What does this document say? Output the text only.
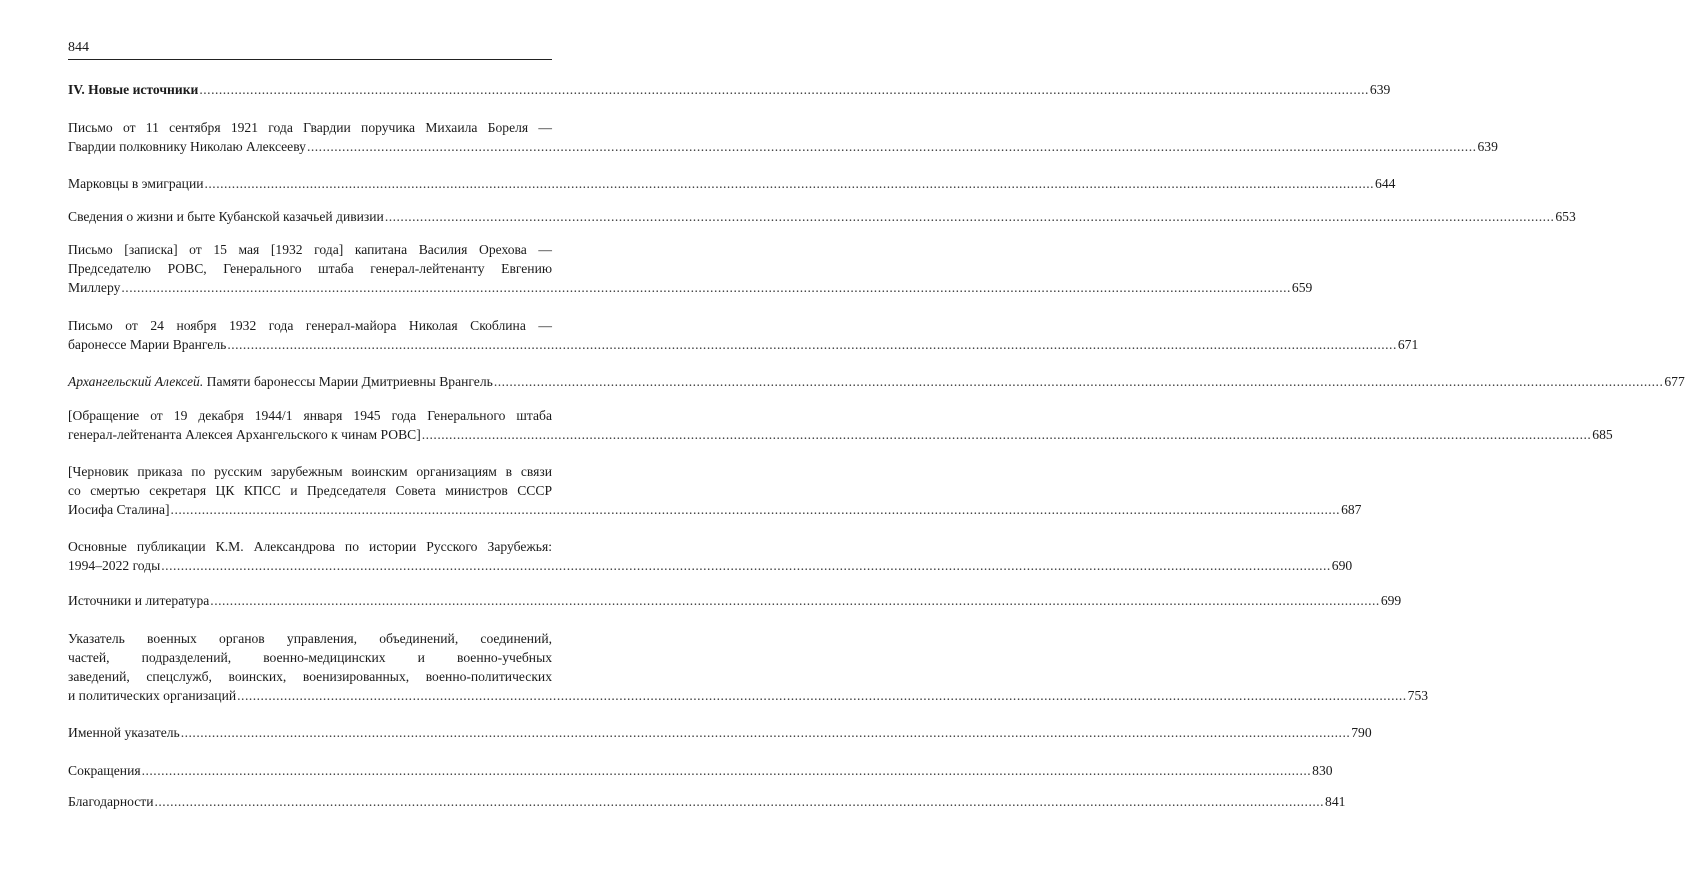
844
IV. Новые источники ............................................................................................................................................................................................................................................................................................................ 639
Письмо от 11 сентября 1921 года Гвардии поручика Михаила Бореля —
Гвардии полковнику Николаю Алексееву ............................................................................................................................................................................................................................................................................................................ 639
Марковцы в эмиграции ............................................................................................................................................................................................................................................................................................................ 644
Сведения о жизни и быте Кубанской казачьей дивизии ............................................................................................................................................................................................................................................................................................................ 653
Письмо [записка] от 15 мая [1932 года] капитана Василия Орехова —
Председателю РОВС, Генерального штаба генерал-лейтенанту Евгению
Миллеру ............................................................................................................................................................................................................................................................................................................ 659
Письмо от 24 ноября 1932 года генерал-майора Николая Скоблина —
баронессе Марии Врангель ............................................................................................................................................................................................................................................................................................................ 671
Архангельский Алексей. Памяти баронессы Марии Дмитриевны Врангель ............................................................................................................................................................................................................................................................................................................ 677
[Обращение от 19 декабря 1944/1 января 1945 года Генерального штаба
генерал-лейтенанта Алексея Архангельского к чинам РОВС] ............................................................................................................................................................................................................................................................................................................ 685
[Черновик приказа по русским зарубежным воинским организациям в связи
со смертью секретаря ЦК КПСС и Председателя Совета министров СССР
Иосифа Сталина] ............................................................................................................................................................................................................................................................................................................ 687
Основные публикации К.М. Александрова по истории Русского Зарубежья:
1994–2022 годы ............................................................................................................................................................................................................................................................................................................ 690
Источники и литература ............................................................................................................................................................................................................................................................................................................ 699
Указатель военных органов управления, объединений, соединений,
частей, подразделений, военно-медицинских и военно-учебных
заведений, спецслужб, воинских, военизированных, военно-политических
и политических организаций ............................................................................................................................................................................................................................................................................................................ 753
Именной указатель ............................................................................................................................................................................................................................................................................................................ 790
Сокращения ............................................................................................................................................................................................................................................................................................................ 830
Благодарности ............................................................................................................................................................................................................................................................................................................ 841
